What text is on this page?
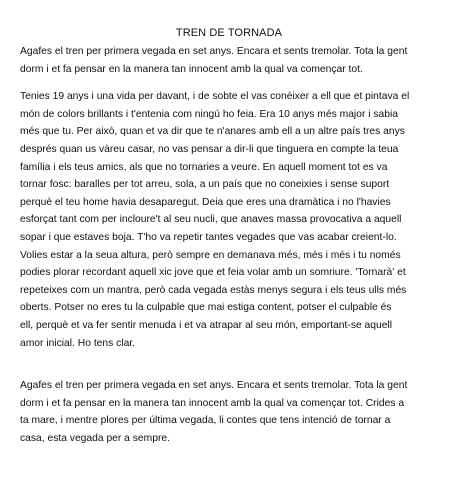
TREN DE TORNADA

Agafes el tren per primera vegada en set anys. Encara et sents tremolar. Tota la gent
dorm i et fa pensar en la manera tan innocent amb la qual va començar tot.

Tenies 19 anys i una vida per davant, i de sobte el vas conèixer a ell que et pintava el
món de colors brillants i t'entenia com ningú ho feia. Era 10 anys més major i sabia
més que tu. Per això, quan et va dir que te n'anares amb ell a un altre país tres anys
després quan us vàreu casar, no vas pensar a dir-li que tinguera en compte la teua
família i els teus amics, als que no tornaries a veure. En aquell moment tot es va
tornar fosc: baralles per tot arreu, sola, a un país que no coneixies i sense suport
perquè el teu home havia desaparegut. Deia que eres una dramàtica i no l'havies
esforçat tant com per incloure't al seu nucli, que anaves massa provocativa a aquell
sopar i que estaves boja. T'ho va repetir tantes vegades que vas acabar creient-lo.
Volies estar a la seua altura, però sempre en demanava més, més i més i tu només
podies plorar recordant aquell xic jove que et feia volar amb un somriure. 'Tornarà' et
repeteixes com un mantra, però cada vegada estàs menys segura i els teus ulls més
oberts. Potser no eres tu la culpable que mai estiga content, potser el culpable és
ell, perquè et va fer sentir menuda i et va atrapar al seu món, emportant-se aquell
amor inicial. Ho tens clar.

Agafes el tren per primera vegada en set anys. Encara et sents tremolar. Tota la gent
dorm i et fa pensar en la manera tan innocent amb la qual va començar tot. Crides a
ta mare, i mentre plores per última vegada, li contes que tens intenció de tornar a
casa, esta vegada per a sempre.
